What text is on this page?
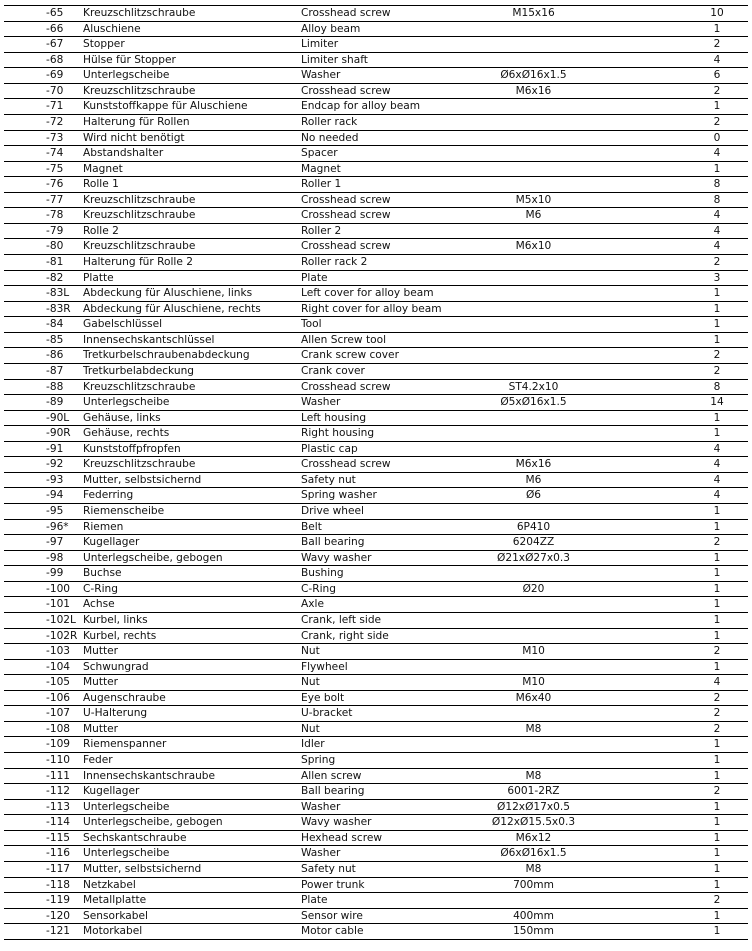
-65	Kreuzschlitzschraube	Crosshead screw	M15x16	10
-66	Aluschiene	Alloy beam		1
-67	Stopper	Limiter		2
-68	Hülse für Stopper	Limiter shaft		4
-69	Unterlegscheibe	Washer	Ø6xØ16x1.5	6
-70	Kreuzschlitzschraube	Crosshead screw	M6x16	2
-71	Kunststoffkappe für Aluschiene	Endcap for alloy beam		1
-72	Halterung für Rollen	Roller rack		2
-73	Wird nicht benötigt	No needed		0
-74	Abstandshalter	Spacer		4
-75	Magnet	Magnet		1
-76	Rolle 1	Roller 1		8
-77	Kreuzschlitzschraube	Crosshead screw	M5x10	8
-78	Kreuzschlitzschraube	Crosshead screw	M6	4
-79	Rolle 2	Roller 2		4
-80	Kreuzschlitzschraube	Crosshead screw	M6x10	4
-81	Halterung für Rolle 2	Roller rack 2		2
-82	Platte	Plate		3
-83L	Abdeckung für Aluschiene, links	Left cover for alloy beam		1
-83R	Abdeckung für Aluschiene, rechts	Right cover for alloy beam		1
-84	Gabelschlüssel	Tool		1
-85	Innensechskantschlüssel	Allen Screw tool		1
-86	Tretkurbelschraubenabdeckung	Crank screw cover		2
-87	Tretkurbelabdeckung	Crank cover		2
-88	Kreuzschlitzschraube	Crosshead screw	ST4.2x10	8
-89	Unterlegscheibe	Washer	Ø5xØ16x1.5	14
-90L	Gehäuse, links	Left housing		1
-90R	Gehäuse, rechts	Right housing		1
-91	Kunststoffpfropfen	Plastic cap		4
-92	Kreuzschlitzschraube	Crosshead screw	M6x16	4
-93	Mutter, selbstsichernd	Safety nut	M6	4
-94	Federring	Spring washer	Ø6	4
-95	Riemenscheibe	Drive wheel		1
-96*	Riemen	Belt	6P410	1
-97	Kugellager	Ball bearing	6204ZZ	2
-98	Unterlegscheibe, gebogen	Wavy washer	Ø21xØ27x0.3	1
-99	Buchse	Bushing		1
-100	C-Ring	C-Ring	Ø20	1
-101	Achse	Axle		1
-102L	Kurbel, links	Crank, left side		1
-102R	Kurbel, rechts	Crank, right side		1
-103	Mutter	Nut	M10	2
-104	Schwungrad	Flywheel		1
-105	Mutter	Nut	M10	4
-106	Augenschraube	Eye bolt	M6x40	2
-107	U-Halterung	U-bracket		2
-108	Mutter	Nut	M8	2
-109	Riemenspanner	Idler		1
-110	Feder	Spring		1
-111	Innensechskantschraube	Allen screw	M8	1
-112	Kugellager	Ball bearing	6001-2RZ	2
-113	Unterlegscheibe	Washer	Ø12xØ17x0.5	1
-114	Unterlegscheibe, gebogen	Wavy washer	Ø12xØ15.5x0.3	1
-115	Sechskantschraube	Hexhead screw	M6x12	1
-116	Unterlegscheibe	Washer	Ø6xØ16x1.5	1
-117	Mutter, selbstsichernd	Safety nut	M8	1
-118	Netzkabel	Power trunk	700mm	1
-119	Metallplatte	Plate		2
-120	Sensorkabel	Sensor wire	400mm	1
-121	Motorkabel	Motor cable	150mm	1
